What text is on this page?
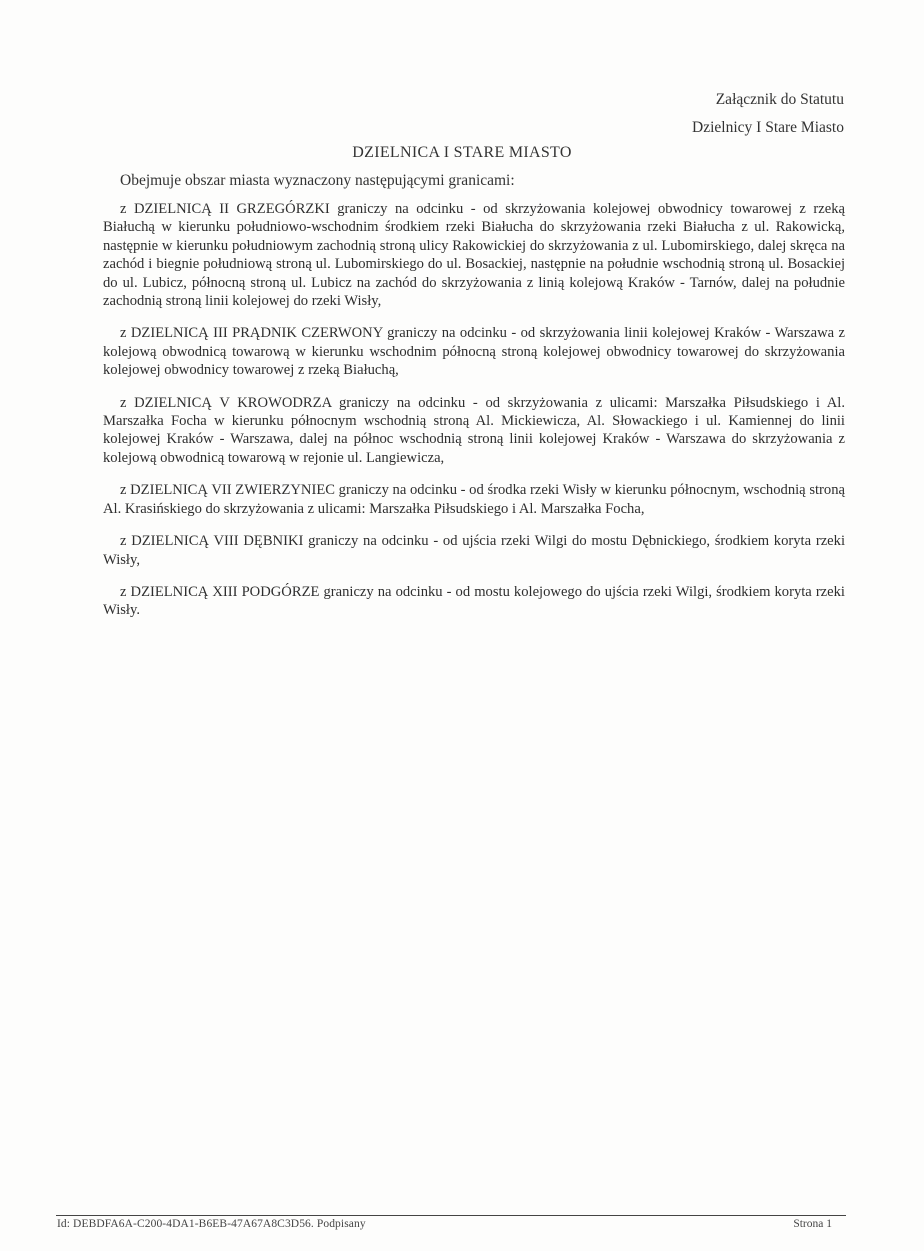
Załącznik do Statutu
Dzielnicy I Stare Miasto
DZIELNICA I STARE MIASTO
Obejmuje obszar miasta wyznaczony następującymi granicami:

z DZIELNICĄ II GRZEGÓRZKI graniczy na odcinku - od skrzyżowania kolejowej obwodnicy towarowej z rzeką Białuchą w kierunku południowo-wschodnim środkiem rzeki Białucha do skrzyżowania rzeki Białucha z ul. Rakowicką, następnie w kierunku południowym zachodnią stroną ulicy Rakowickiej do skrzyżowania z ul. Lubomirskiego, dalej skręca na zachód i biegnie południową stroną ul. Lubomirskiego do ul. Bosackiej, następnie na południe wschodnią stroną ul. Bosackiej do ul. Lubicz, północną stroną ul. Lubicz na zachód do skrzyżowania z linią kolejową Kraków - Tarnów, dalej na południe zachodnią stroną linii kolejowej do rzeki Wisły,

z DZIELNICĄ III PRĄDNIK CZERWONY graniczy na odcinku - od skrzyżowania linii kolejowej Kraków - Warszawa z kolejową obwodnicą towarową w kierunku wschodnim północną stroną kolejowej obwodnicy towarowej do skrzyżowania kolejowej obwodnicy towarowej z rzeką Białuchą,

z DZIELNICĄ V KROWODRZA graniczy na odcinku - od skrzyżowania z ulicami: Marszałka Piłsudskiego i Al. Marszałka Focha w kierunku północnym wschodnią stroną Al. Mickiewicza, Al. Słowackiego i ul. Kamiennej do linii kolejowej Kraków - Warszawa, dalej na północ wschodnią stroną linii kolejowej Kraków - Warszawa do skrzyżowania z kolejową obwodnicą towarową w rejonie ul. Langiewicza,

z DZIELNICĄ VII ZWIERZYNIEC graniczy na odcinku - od środka rzeki Wisły w kierunku północnym, wschodnią stroną Al. Krasińskiego do skrzyżowania z ulicami: Marszałka Piłsudskiego i Al. Marszałka Focha,

z DZIELNICĄ VIII DĘBNIKI graniczy na odcinku - od ujścia rzeki Wilgi do mostu Dębnickiego, środkiem koryta rzeki Wisły,

z DZIELNICĄ XIII PODGÓRZE graniczy na odcinku - od mostu kolejowego do ujścia rzeki Wilgi, środkiem koryta rzeki Wisły.

Id: DEBDFA6A-C200-4DA1-B6EB-47A67A8C3D56. Podpisany	Strona 1
